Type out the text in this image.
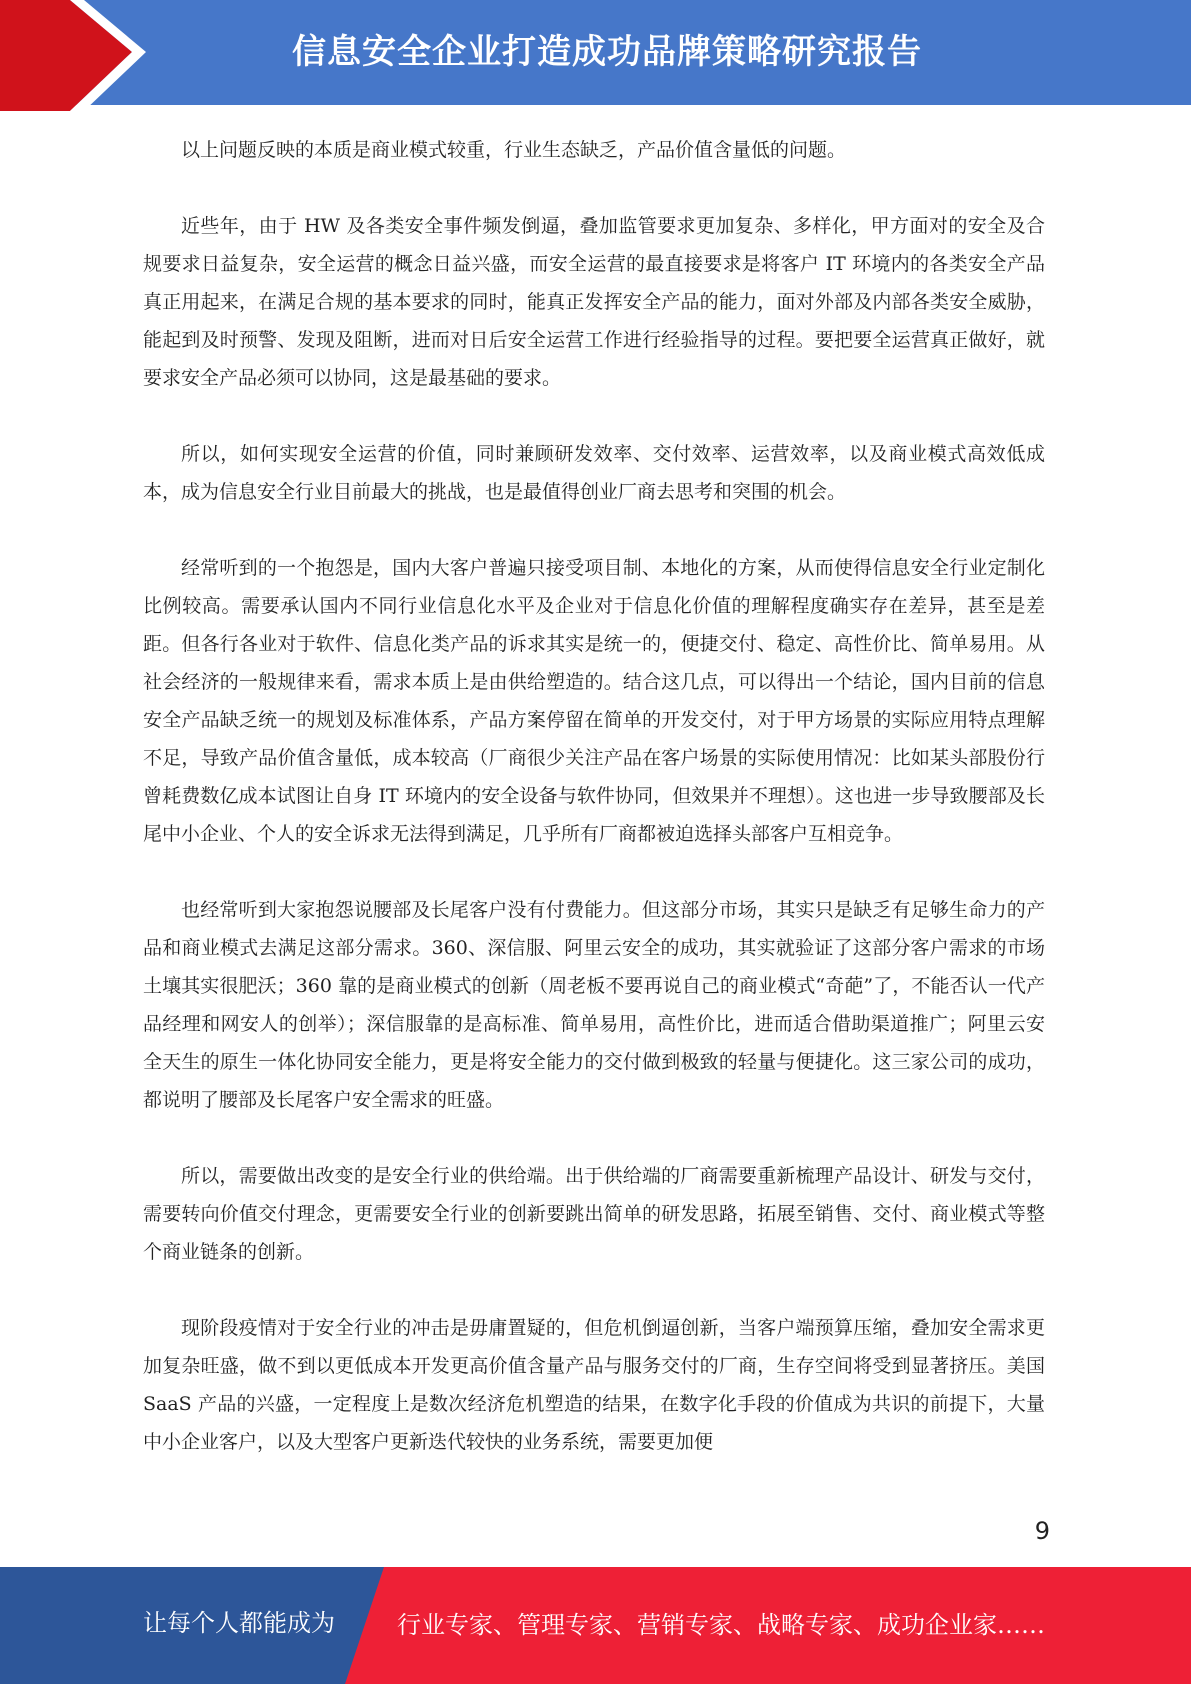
信息安全企业打造成功品牌策略研究报告

以上问题反映的本质是商业模式较重，行业生态缺乏，产品价值含量低的问题。

近些年，由于 HW 及各类安全事件频发倒逼，叠加监管要求更加复杂、多样化，甲方面对的安全及合规要求日益复杂，安全运营的概念日益兴盛，而安全运营的最直接要求是将客户 IT 环境内的各类安全产品真正用起来，在满足合规的基本要求的同时，能真正发挥安全产品的能力，面对外部及内部各类安全威胁，能起到及时预警、发现及阻断，进而对日后安全运营工作进行经验指导的过程。要把要全运营真正做好，就要求安全产品必须可以协同，这是最基础的要求。

所以，如何实现安全运营的价值，同时兼顾研发效率、交付效率、运营效率，以及商业模式高效低成本，成为信息安全行业目前最大的挑战，也是最值得创业厂商去思考和突围的机会。

经常听到的一个抱怨是，国内大客户普遍只接受项目制、本地化的方案，从而使得信息安全行业定制化比例较高。需要承认国内不同行业信息化水平及企业对于信息化价值的理解程度确实存在差异，甚至是差距。但各行各业对于软件、信息化类产品的诉求其实是统一的，便捷交付、稳定、高性价比、简单易用。从社会经济的一般规律来看，需求本质上是由供给塑造的。结合这几点，可以得出一个结论，国内目前的信息安全产品缺乏统一的规划及标准体系，产品方案停留在简单的开发交付，对于甲方场景的实际应用特点理解不足，导致产品价值含量低，成本较高（厂商很少关注产品在客户场景的实际使用情况：比如某头部股份行曾耗费数亿成本试图让自身 IT 环境内的安全设备与软件协同，但效果并不理想）。这也进一步导致腰部及长尾中小企业、个人的安全诉求无法得到满足，几乎所有厂商都被迫选择头部客户互相竞争。

也经常听到大家抱怨说腰部及长尾客户没有付费能力。但这部分市场，其实只是缺乏有足够生命力的产品和商业模式去满足这部分需求。360、深信服、阿里云安全的成功，其实就验证了这部分客户需求的市场土壤其实很肥沃；360 靠的是商业模式的创新（周老板不要再说自己的商业模式“奇葩”了，不能否认一代产品经理和网安人的创举）；深信服靠的是高标准、简单易用，高性价比，进而适合借助渠道推广；阿里云安全天生的原生一体化协同安全能力，更是将安全能力的交付做到极致的轻量与便捷化。这三家公司的成功，都说明了腰部及长尾客户安全需求的旺盛。

所以，需要做出改变的是安全行业的供给端。出于供给端的厂商需要重新梳理产品设计、研发与交付，需要转向价值交付理念，更需要安全行业的创新要跳出简单的研发思路，拓展至销售、交付、商业模式等整个商业链条的创新。

现阶段疫情对于安全行业的冲击是毋庸置疑的，但危机倒逼创新，当客户端预算压缩，叠加安全需求更加复杂旺盛，做不到以更低成本开发更高价值含量产品与服务交付的厂商，生存空间将受到显著挤压。美国 SaaS 产品的兴盛，一定程度上是数次经济危机塑造的结果，在数字化手段的价值成为共识的前提下，大量中小企业客户，以及大型客户更新迭代较快的业务系统，需要更加便

9
让每个人都能成为	行业专家、管理专家、营销专家、战略专家、成功企业家……
